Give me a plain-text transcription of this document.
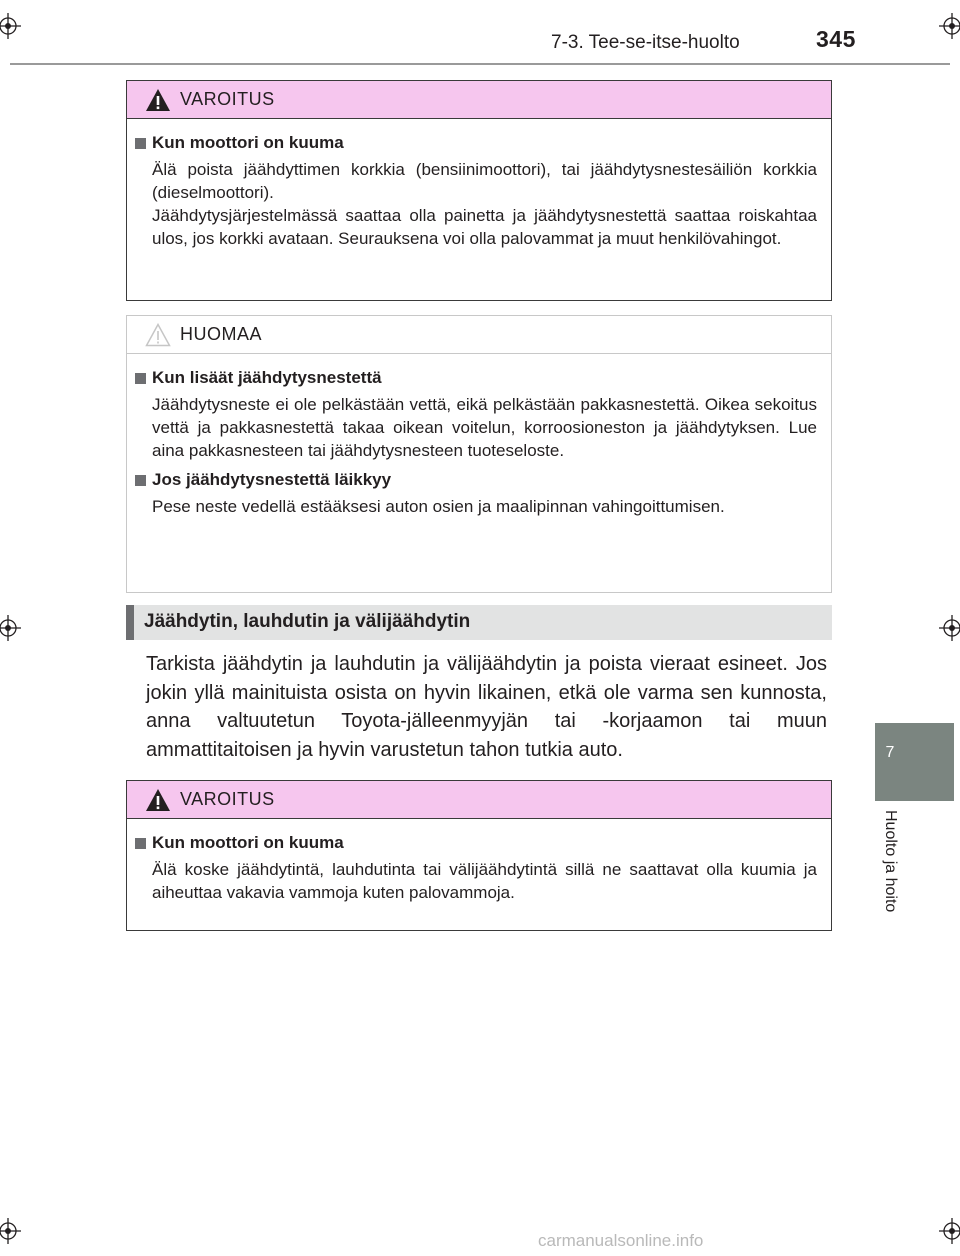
7-3. Tee-se-itse-huolto	345
7
Huolto ja hoito
VAROITUS
Kun moottori on kuuma

Älä poista jäähdyttimen korkkia (bensiinimoottori), tai jäähdytysnestesäiliön korkkia (dieselmoottori).

Jäähdytysjärjestelmässä saattaa olla painetta ja jäähdytysnestettä saattaa roiskahtaa ulos, jos korkki avataan. Seurauksena voi olla palovammat ja muut henkilövahingot.

HUOMAA
Kun lisäät jäähdytysnestettä

Jäähdytysneste ei ole pelkästään vettä, eikä pelkästään pakkasnestettä. Oikea sekoitus vettä ja pakkasnestettä takaa oikean voitelun, korroosioneston ja jäähdytyksen. Lue aina pakkasnesteen tai jäähdytysnesteen tuoteseloste.

Jos jäähdytysnestettä läikkyy

Pese neste vedellä estääksesi auton osien ja maalipinnan vahingoittumisen.

Jäähdytin, lauhdutin ja välijäähdytin
Tarkista jäähdytin ja lauhdutin ja välijäähdytin ja poista vieraat esineet. Jos jokin yllä mainituista osista on hyvin likainen, etkä ole varma sen kunnosta, anna valtuutetun Toyota-jälleenmyyjän tai -korjaamon tai muun ammattitaitoisen ja hyvin varustetun tahon tutkia auto.
VAROITUS
Kun moottori on kuuma

Älä koske jäähdytintä, lauhdutinta tai välijäähdytintä sillä ne saattavat olla kuumia ja aiheuttaa vakavia vammoja kuten palovammoja.

carmanualsonline.info
